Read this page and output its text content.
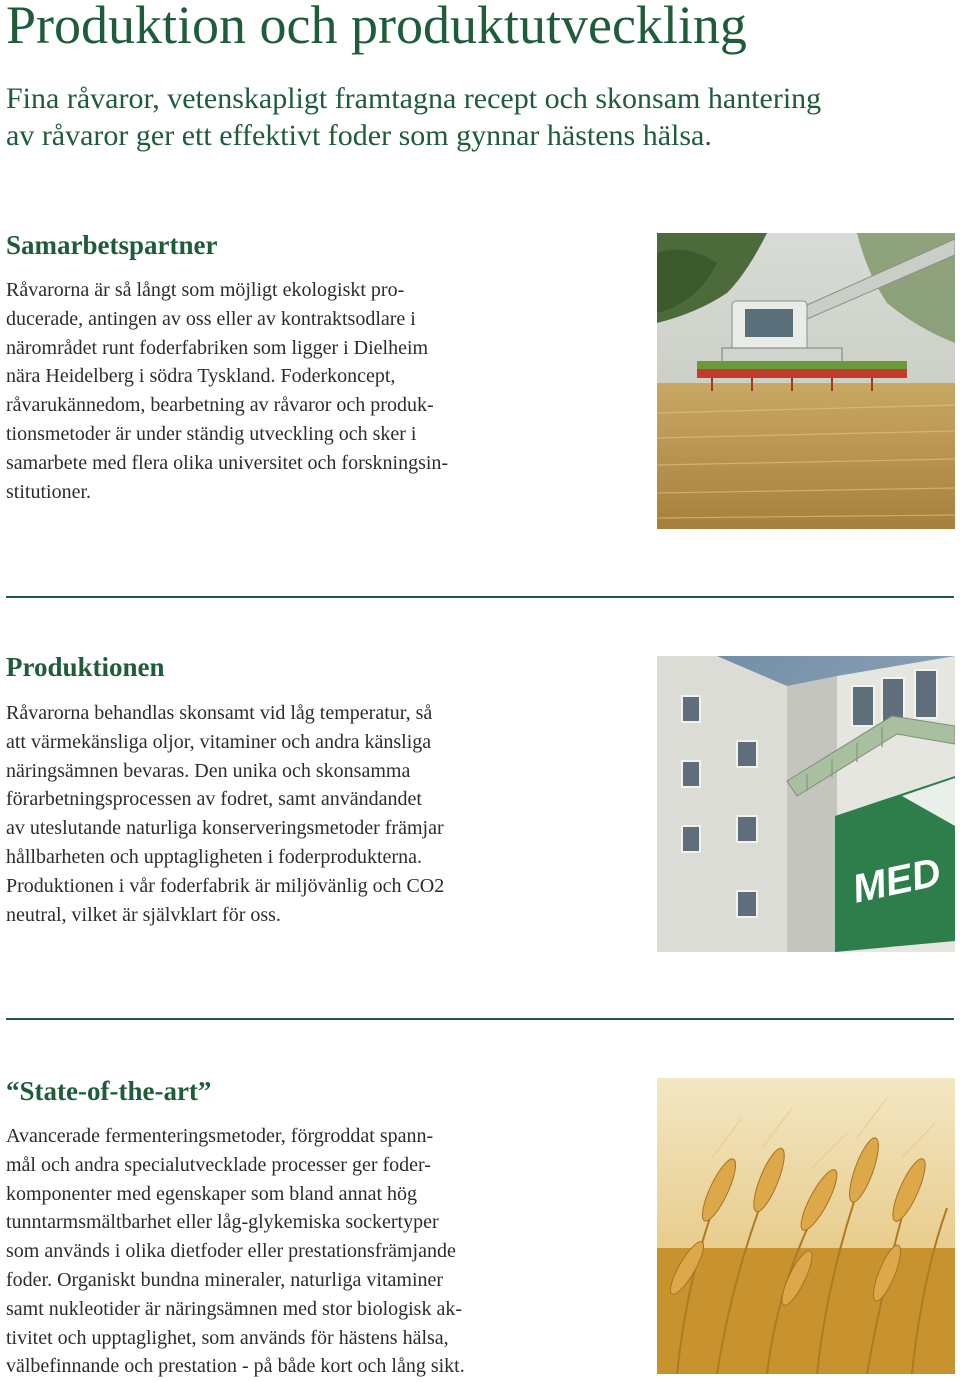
Produktion och produktutveckling

Fina råvaror, vetenskapligt framtagna recept och skonsam hantering
av råvaror ger ett effektivt foder som gynnar hästens hälsa.

Samarbetspartner

Råvarorna är så långt som möjligt ekologiskt pro-
ducerade, antingen av oss eller av kontraktsodlare i
närområdet runt foderfabriken som ligger i Dielheim
nära Heidelberg i södra Tyskland. Foderkoncept,
råvarukännedom, bearbetning av råvaror och produk-
tionsmetoder är under ständig utveckling och sker i
samarbete med flera olika universitet och forskningsin-
stitutioner.

Produktionen

Råvarorna behandlas skonsamt vid låg temperatur, så
att värmekänsliga oljor, vitaminer och andra känsliga
näringsämnen bevaras. Den unika och skonsamma
förarbetningsprocessen av fodret, samt användandet
av uteslutande naturliga konserveringsmetoder främjar
hållbarheten och upptagligheten i foderprodukterna.
Produktionen i vår foderfabrik är miljövänlig och CO2
neutral, vilket är självklart för oss.

MED
“State-of-the-art”

Avancerade fermenteringsmetoder, förgroddat spann-
mål och andra specialutvecklade processer ger foder-
komponenter med egenskaper som bland annat hög
tunntarmsmältbarhet eller låg-glykemiska sockertyper
som används i olika dietfoder eller prestationsfrämjande
foder. Organiskt bundna mineraler, naturliga vitaminer
samt nukleotider är näringsämnen med stor biologisk ak-
tivitet och upptaglighet, som används för hästens hälsa,
välbefinnande och prestation - på både kort och lång sikt.
